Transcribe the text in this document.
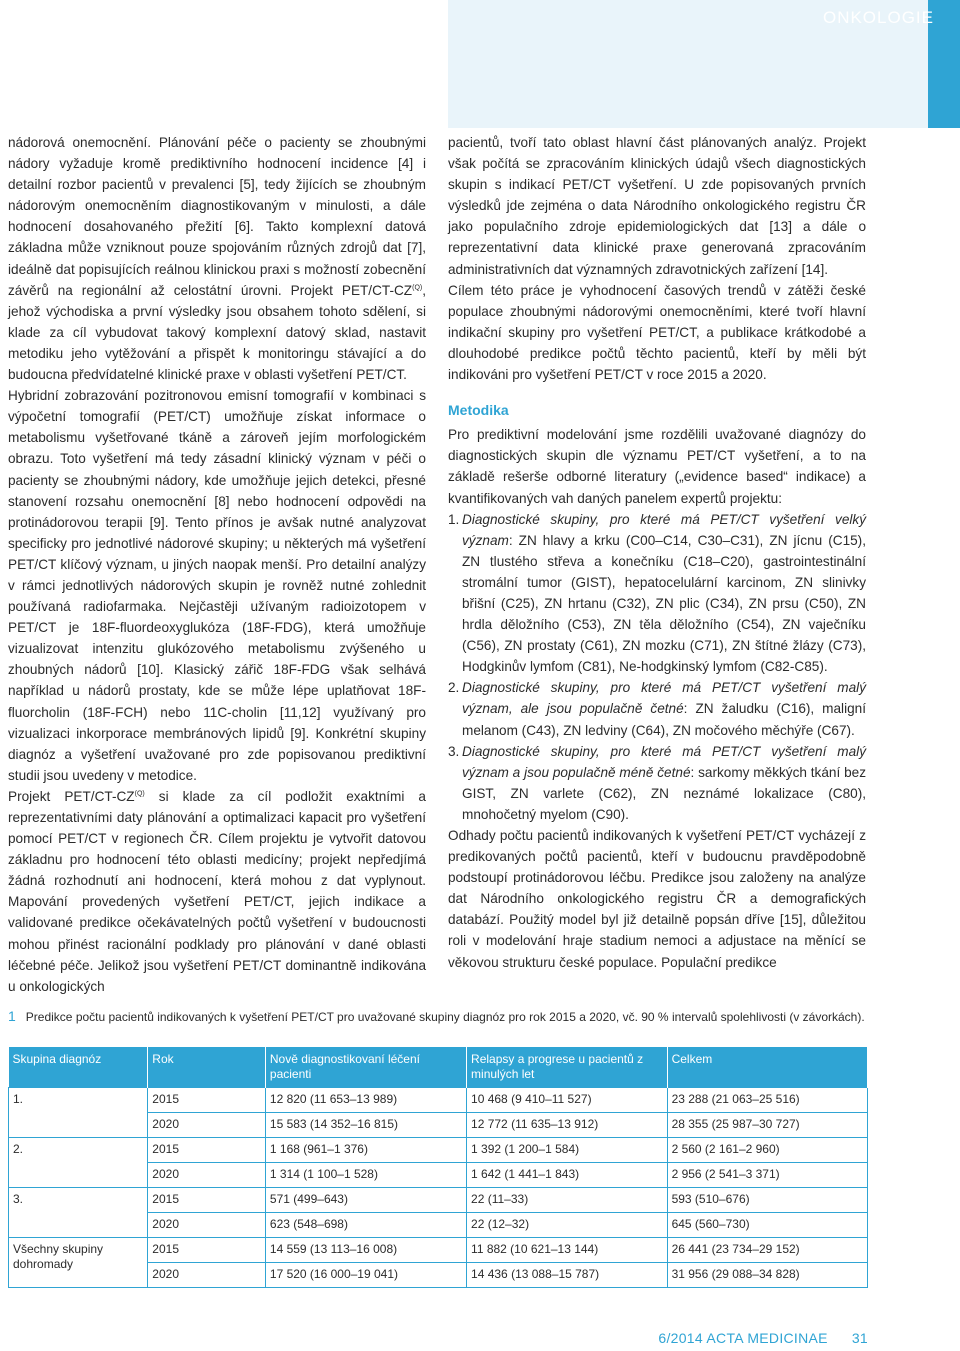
ONKOLOGIE

nádorová onemocnění. Plánování péče o pacienty se zhoubnými nádory vyžaduje kromě prediktivního hodnocení incidence [4] i detailní rozbor pacientů v prevalenci [5], tedy žijících se zhoubným nádorovým onemocněním diagnostikovaným v minulosti, a dále hodnocení dosahovaného přežití [6]. Takto komplexní datová základna může vzniknout pouze spojováním různých zdrojů dat [7], ideálně dat popisujících reálnou klinickou praxi s možností zobecnění závěrů na regionální až celostátní úrovni. Projekt PET/$CT-CZ^{(Q)}$, jehož východiska a první výsledky jsou obsahem tohoto sdělení, si klade za cíl vybudovat takový komplexní datový sklad, nastavit metodiku jeho vytěžování a přispět k monitoringu stávající a do budoucna předvídatelné klinické praxe v oblasti vyšetření PET/CT.

Hybridní zobrazování pozitronovou emisní tomografií v kombinaci s výpočetní tomografií (PET/CT) umožňuje získat informace o metabolismu vyšetřované tkáně a zároveň jejím morfologickém obrazu. Toto vyšetření má tedy zásadní klinický význam v péči o pacienty se zhoubnými nádory, kde umožňuje jejich detekci, přesné stanovení rozsahu onemocnění [8] nebo hodnocení odpovědi na protinádorovou terapii [9]. Tento přínos je avšak nutné analyzovat specificky pro jednotlivé nádorové skupiny; u některých má vyšetření PET/CT klíčový význam, u jiných naopak menší. Pro detailní analýzy v rámci jednotlivých nádorových skupin je rovněž nutné zohlednit používaná radiofarmaka. Nejčastěji užívaným radioizotopem v PET/CT je 18F-fluordeoxyglukóza (18F-FDG), která umožňuje vizualizovat intenzitu glukózového metabolismu zvýšeného u zhoubných nádorů [10]. Klasický zářič 18F-FDG však selhává například u nádorů prostaty, kde se může lépe uplatňovat 18F-fluorcholin (18F-FCH) nebo 11C-cholin [11,12] využívaný pro vizualizaci inkorporace membránových lipidů [9]. Konkrétní skupiny diagnóz a vyšetření uvažované pro zde popisovanou prediktivní studii jsou uvedeny v metodice.

Projekt PET/$CT-CZ^{(Q)}$ si klade za cíl podložit exaktními a reprezentativními daty plánování a optimalizaci kapacit pro vyšetření pomocí PET/CT v regionech ČR. Cílem projektu je vytvořit datovou základnu pro hodnocení této oblasti medicíny; projekt nepředjímá žádná rozhodnutí ani hodnocení, která mohou z dat vyplynout. Mapování provedených vyšetření PET/CT, jejich indikace a validované predikce očekávatelných počtů vyšetření v budoucnosti mohou přinést racionální podklady pro plánování v dané oblasti léčebné péče. Jelikož jsou vyšetření PET/CT dominantně indikována u onkologických

pacientů, tvoří tato oblast hlavní část plánovaných analýz. Projekt však počítá se zpracováním klinických údajů všech diagnostických skupin s indikací PET/CT vyšetření. U zde popisovaných prvních výsledků jde zejména o data Národního onkologického registru ČR jako populačního zdroje epidemiologických dat [13] a dále o reprezentativní data klinické praxe generovaná zpracováním administrativních dat významných zdravotnických zařízení [14].

Cílem této práce je vyhodnocení časových trendů v zátěži české populace zhoubnými nádorovými onemocněními, které tvoří hlavní indikační skupiny pro vyšetření PET/CT, a publikace krátkodobé a dlouhodobé predikce počtů těchto pacientů, kteří by měli být indikováni pro vyšetření PET/CT v roce 2015 a 2020.

Metodika

Pro prediktivní modelování jsme rozdělili uvažované diagnózy do diagnostických skupin dle významu PET/CT vyšetření, a to na základě rešerše odborné literatury („evidence based“ indikace) a kvantifikovaných vah daných panelem expertů projektu:

1. Diagnostické skupiny, pro které má PET/CT vyšetření velký význam: ZN hlavy a krku (C00–C14, C30–C31), ZN jícnu (C15), ZN tlustého střeva a konečníku (C18–C20), gastrointestinální stromální tumor (GIST), hepatocelulární karcinom, ZN slinivky břišní (C25), ZN hrtanu (C32), ZN plic (C34), ZN prsu (C50), ZN hrdla děložního (C53), ZN těla děložního (C54), ZN vaječníku (C56), ZN prostaty (C61), ZN mozku (C71), ZN štítné žlázy (C73), Hodgkinův lymfom (C81), Ne-hodgkinský lymfom (C82-C85).
2. Diagnostické skupiny, pro které má PET/CT vyšetření malý význam, ale jsou populačně četné: ZN žaludku (C16), maligní melanom (C43), ZN ledviny (C64), ZN močového měchýře (C67).
3. Diagnostické skupiny, pro které má PET/CT vyšetření malý význam a jsou populačně méně četné: sarkomy měkkých tkání bez GIST, ZN varlete (C62), ZN neznámé lokalizace (C80), mnohočetný myelom (C90).

Odhady počtu pacientů indikovaných k vyšetření PET/CT vycházejí z predikovaných počtů pacientů, kteří v budoucnu pravděpodobně podstoupí protinádorovou léčbu. Predikce jsou založeny na analýze dat Národního onkologického registru ČR a demografických databází. Použitý model byl již detailně popsán dříve [15], důležitou roli v modelování hraje stadium nemoci a adjustace na měnící se věkovou strukturu české populace. Populační predikce

1 Predikce počtu pacientů indikovaných k vyšetření PET/CT pro uvažované skupiny diagnóz pro rok 2015 a 2020, vč. 90 % intervalů spolehlivosti (v závorkách).
Skupina diagnóz	Rok	Nově diagnostikovaní léčení pacienti	Relapsy a progrese u pacientů z minulých let	Celkem
1.	2015	12 820 (11 653–13 989)	10 468 (9 410–11 527)	23 288 (21 063–25 516)
	2020	15 583 (14 352–16 815)	12 772 (11 635–13 912)	28 355 (25 987–30 727)
2.	2015	1 168 (961–1 376)	1 392 (1 200–1 584)	2 560 (2 161–2 960)
	2020	1 314 (1 100–1 528)	1 642 (1 441–1 843)	2 956 (2 541–3 371)
3.	2015	571 (499–643)	22 (11–33)	593 (510–676)
	2020	623 (548–698)	22 (12–32)	645 (560–730)
Všechny skupiny dohromady	2015	14 559 (13 113–16 008)	11 882 (10 621–13 144)	26 441 (23 734–29 152)
	2020	17 520 (16 000–19 041)	14 436 (13 088–15 787)	31 956 (29 088–34 828)
6/2014 ACTA MEDICINAE 31
